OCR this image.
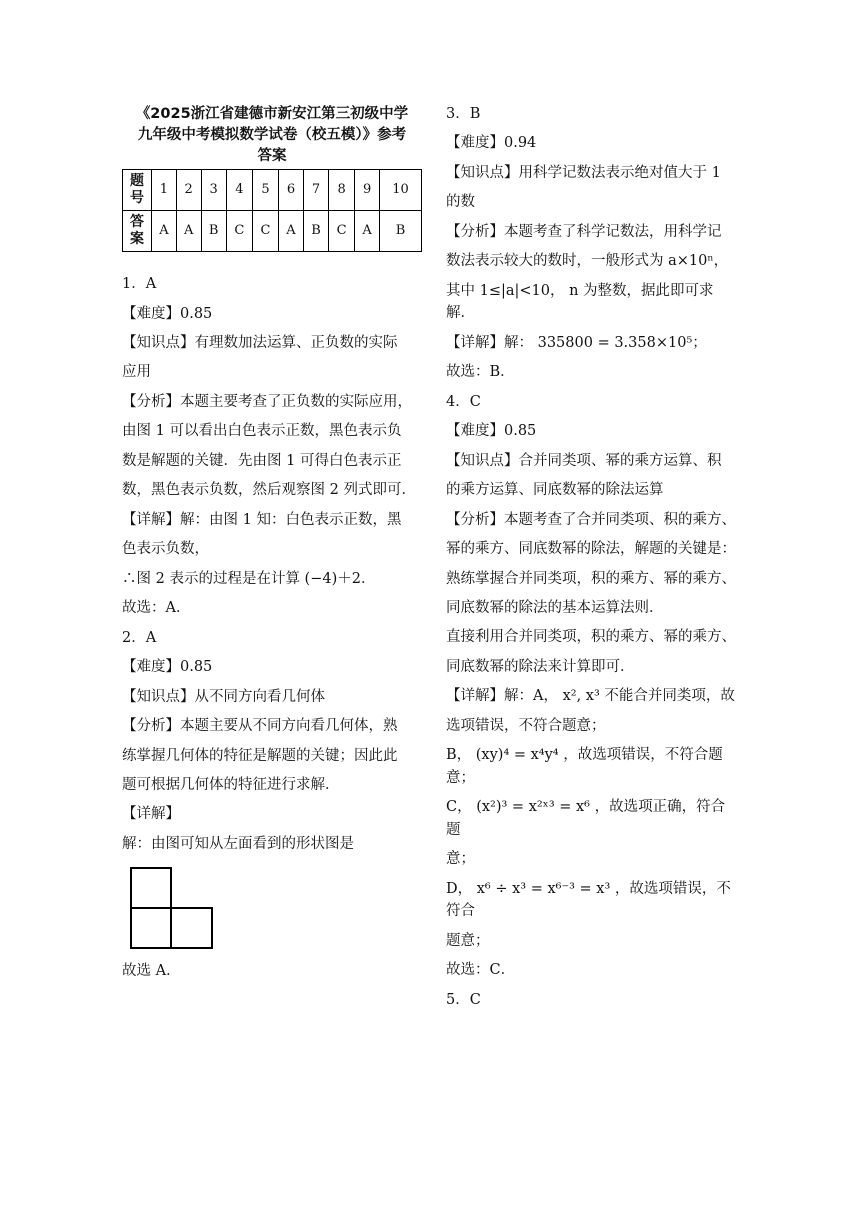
《2025浙江省建德市新安江第三初级中学
九年级中考模拟数学试卷（校五模）》参考
答案
题
号	1	2	3	4	5	6	7	8	9	10
答
案	A	A	B	C	C	A	B	C	A	B

1．A

【难度】0.85

【知识点】有理数加法运算、正负数的实际

应用

【分析】本题主要考查了正负数的实际应用，

由图 1 可以看出白色表示正数，黑色表示负

数是解题的关键．先由图 1 可得白色表示正

数，黑色表示负数，然后观察图 2 列式即可．

【详解】解：由图 1 知：白色表示正数，黑

色表示负数，

∴图 2 表示的过程是在计算 (−4)＋2．

故选：A．

2．A

【难度】0.85

【知识点】从不同方向看几何体

【分析】本题主要从不同方向看几何体，熟

练掌握几何体的特征是解题的关键；因此此

题可根据几何体的特征进行求解．

【详解】

解：由图可知从左面看到的形状图是

故选 A．

3．B

【难度】0.94

【知识点】用科学记数法表示绝对值大于 1

的数

【分析】本题考查了科学记数法，用科学记

数法表示较大的数时，一般形式为 a×10ⁿ，

其中 1≤|a|<10， n 为整数，据此即可求解．

【详解】解： 335800 = 3.358×10⁵；

故选：B．

4．C

【难度】0.85

【知识点】合并同类项、幂的乘方运算、积

的乘方运算、同底数幂的除法运算

【分析】本题考查了合并同类项、积的乘方、

幂的乘方、同底数幂的除法，解题的关键是：

熟练掌握合并同类项，积的乘方、幂的乘方、

同底数幂的除法的基本运算法则．

直接利用合并同类项，积的乘方、幂的乘方、

同底数幂的除法来计算即可．

【详解】解：A， x², x³ 不能合并同类项，故

选项错误，不符合题意；

B， (xy)⁴ = x⁴y⁴ ，故选项错误，不符合题意；

C， (x²)³ = x²ˣ³ = x⁶ ，故选项正确，符合题

意；

D， x⁶ ÷ x³ = x⁶⁻³ = x³ ，故选项错误，不符合

题意；

故选：C．

5．C
